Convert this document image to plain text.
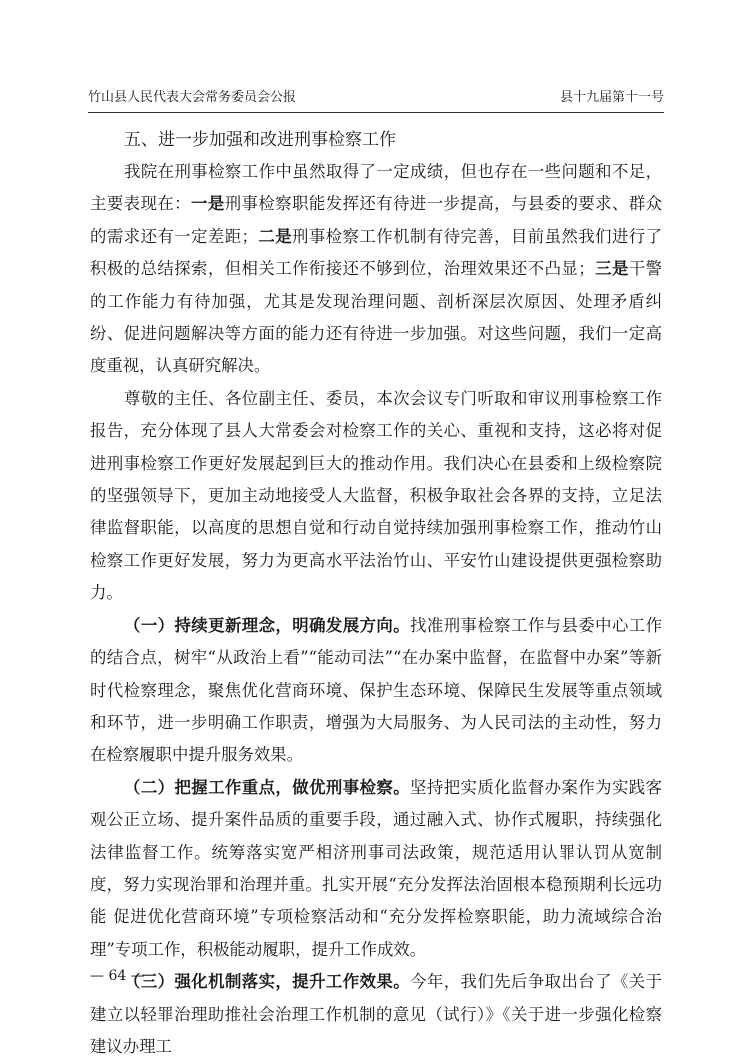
竹山县人民代表大会常务委员会公报	县十九届第十一号
五、进一步加强和改进刑事检察工作

我院在刑事检察工作中虽然取得了一定成绩，但也存在一些问题和不足，主要表现在：一是刑事检察职能发挥还有待进一步提高，与县委的要求、群众的需求还有一定差距；二是刑事检察工作机制有待完善，目前虽然我们进行了积极的总结探索，但相关工作衔接还不够到位，治理效果还不凸显；三是干警的工作能力有待加强，尤其是发现治理问题、剖析深层次原因、处理矛盾纠纷、促进问题解决等方面的能力还有待进一步加强。对这些问题，我们一定高度重视，认真研究解决。

尊敬的主任、各位副主任、委员，本次会议专门听取和审议刑事检察工作报告，充分体现了县人大常委会对检察工作的关心、重视和支持，这必将对促进刑事检察工作更好发展起到巨大的推动作用。我们决心在县委和上级检察院的坚强领导下，更加主动地接受人大监督，积极争取社会各界的支持，立足法律监督职能，以高度的思想自觉和行动自觉持续加强刑事检察工作，推动竹山检察工作更好发展，努力为更高水平法治竹山、平安竹山建设提供更强检察助力。

（一）持续更新理念，明确发展方向。找准刑事检察工作与县委中心工作的结合点，树牢“从政治上看”“能动司法”“在办案中监督，在监督中办案”等新时代检察理念，聚焦优化营商环境、保护生态环境、保障民生发展等重点领域和环节，进一步明确工作职责，增强为大局服务、为人民司法的主动性，努力在检察履职中提升服务效果。

（二）把握工作重点，做优刑事检察。坚持把实质化监督办案作为实践客观公正立场、提升案件品质的重要手段，通过融入式、协作式履职，持续强化法律监督工作。统筹落实宽严相济刑事司法政策，规范适用认罪认罚从宽制度，努力实现治罪和治理并重。扎实开展“充分发挥法治固根本稳预期利长远功能 促进优化营商环境”专项检察活动和“充分发挥检察职能，助力流域综合治理”专项工作，积极能动履职，提升工作成效。

（三）强化机制落实，提升工作效果。今年，我们先后争取出台了《关于建立以轻罪治理助推社会治理工作机制的意见（试行）》《关于进一步强化检察建议办理工

— 64 —
